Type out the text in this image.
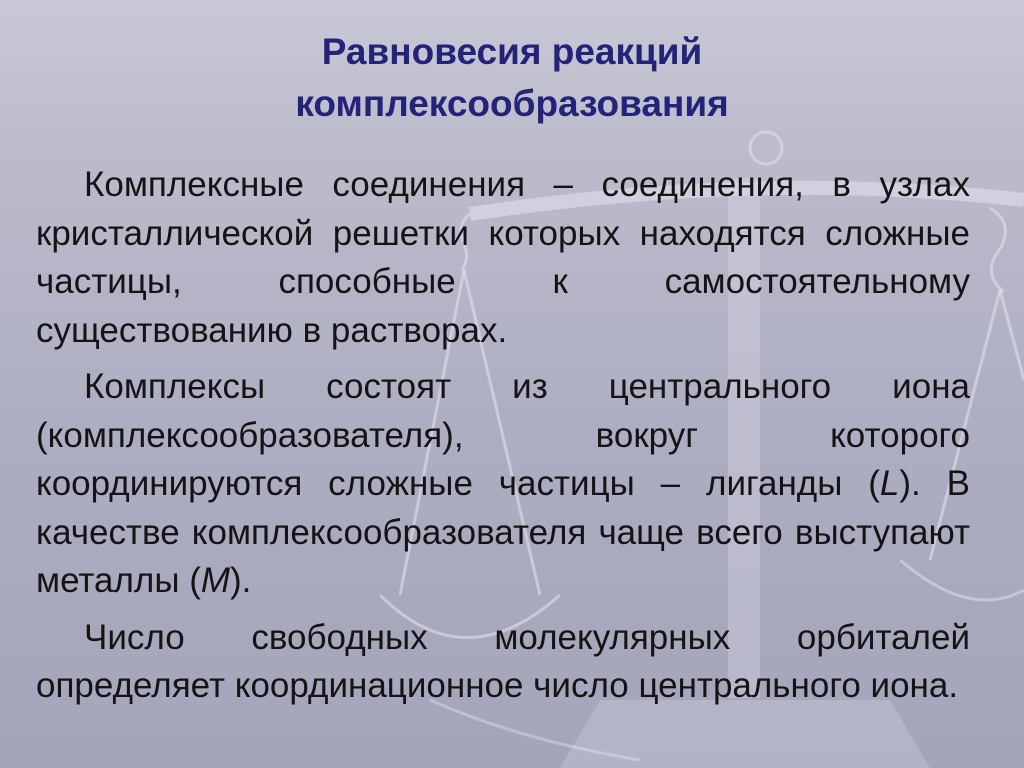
Равновесия реакций
комплексообразования

Комплексные соединения – соединения, в узлах кристаллической решетки которых находятся сложные частицы, способные к самостоятельному существованию в растворах.

Комплексы состоят из центрального иона (комплексообразователя), вокруг которого координируются сложные частицы – лиганды (L). В качестве комплексообразователя чаще всего выступают металлы (M).

Число свободных молекулярных орбиталей определяет координационное число центрального иона.
